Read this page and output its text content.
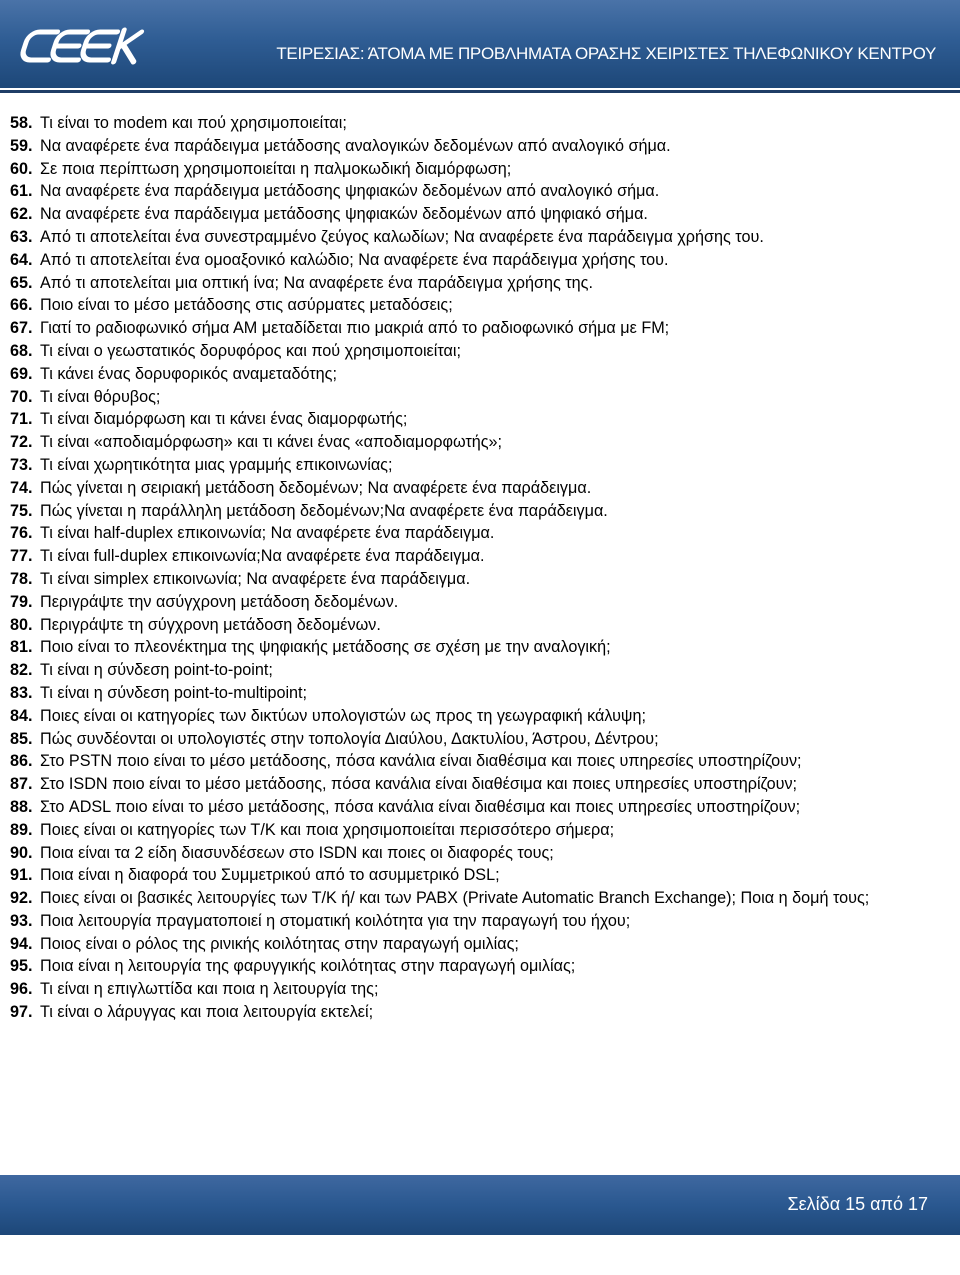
ΤΕΙΡΕΣΙΑΣ: ΆΤΟΜΑ ΜΕ ΠΡΟΒΛΗΜΑΤΑ ΟΡΑΣΗΣ ΧΕΙΡΙΣΤΕΣ ΤΗΛΕΦΩΝΙΚΟΥ ΚΕΝΤΡΟΥ
58. Τι είναι το modem και πού χρησιμοποιείται;
59. Να αναφέρετε ένα παράδειγμα μετάδοσης αναλογικών δεδομένων από αναλογικό σήμα.
60. Σε ποια περίπτωση χρησιμοποιείται η παλμοκωδική διαμόρφωση;
61. Να αναφέρετε ένα παράδειγμα μετάδοσης ψηφιακών δεδομένων από αναλογικό σήμα.
62. Να αναφέρετε ένα παράδειγμα μετάδοσης ψηφιακών δεδομένων από ψηφιακό σήμα.
63. Από τι αποτελείται ένα συνεστραμμένο ζεύγος καλωδίων; Να αναφέρετε ένα παράδειγμα χρήσης του.
64. Από τι αποτελείται ένα ομοαξονικό καλώδιο; Να αναφέρετε ένα παράδειγμα χρήσης του.
65. Από τι αποτελείται μια οπτική ίνα; Να αναφέρετε ένα παράδειγμα χρήσης της.
66. Ποιο είναι το μέσο μετάδοσης στις ασύρματες μεταδόσεις;
67. Γιατί το ραδιοφωνικό σήμα ΑΜ μεταδίδεται πιο μακριά από το ραδιοφωνικό σήμα με FM;
68. Τι είναι ο γεωστατικός δορυφόρος και πού χρησιμοποιείται;
69. Τι κάνει ένας δορυφορικός αναμεταδότης;
70. Τι είναι θόρυβος;
71. Τι είναι διαμόρφωση και τι κάνει ένας διαμορφωτής;
72. Τι είναι «αποδιαμόρφωση» και τι κάνει ένας «αποδιαμορφωτής»;
73. Τι είναι χωρητικότητα μιας γραμμής επικοινωνίας;
74. Πώς γίνεται η σειριακή μετάδοση δεδομένων; Να αναφέρετε ένα παράδειγμα.
75. Πώς γίνεται η παράλληλη μετάδοση δεδομένων;Να αναφέρετε ένα παράδειγμα.
76. Τι είναι half-duplex επικοινωνία; Να αναφέρετε ένα παράδειγμα.
77. Τι είναι full-duplex επικοινωνία;Να αναφέρετε ένα παράδειγμα.
78. Τι είναι simplex επικοινωνία; Να αναφέρετε ένα παράδειγμα.
79. Περιγράψτε την ασύγχρονη μετάδοση δεδομένων.
80. Περιγράψτε τη σύγχρονη μετάδοση δεδομένων.
81. Ποιο είναι το πλεονέκτημα της ψηφιακής μετάδοσης σε σχέση με την αναλογική;
82. Τι είναι η σύνδεση point-to-point;
83. Τι είναι η σύνδεση point-to-multipoint;
84. Ποιες είναι οι κατηγορίες των δικτύων υπολογιστών ως προς τη γεωγραφική κάλυψη;
85. Πώς συνδέονται οι υπολογιστές στην τοπολογία Διαύλου, Δακτυλίου, Άστρου, Δέντρου;
86. Στο PSTN ποιο είναι το μέσο μετάδοσης, πόσα κανάλια είναι διαθέσιμα και ποιες υπηρεσίες υποστηρίζουν;
87. Στο ISDN ποιο είναι το μέσο μετάδοσης, πόσα κανάλια είναι διαθέσιμα και ποιες υπηρεσίες υποστηρίζουν;
88. Στο ADSL ποιο είναι το μέσο μετάδοσης, πόσα κανάλια είναι διαθέσιμα και ποιες υπηρεσίες υποστηρίζουν;
89. Ποιες είναι οι κατηγορίες των Τ/Κ και ποια χρησιμοποιείται περισσότερο σήμερα;
90. Ποια είναι τα 2 είδη διασυνδέσεων στο ISDN και ποιες οι διαφορές τους;
91. Ποια είναι η διαφορά του Συμμετρικού από το ασυμμετρικό DSL;
92. Ποιες είναι οι βασικές λειτουργίες των Τ/Κ ή/ και των PABX (Private Automatic Branch Exchange); Ποια η δομή τους;
93. Ποια λειτουργία πραγματοποιεί η στοματική κοιλότητα για την παραγωγή του ήχου;
94. Ποιος είναι ο ρόλος της ρινικής κοιλότητας στην παραγωγή ομιλίας;
95. Ποια είναι η λειτουργία της φαρυγγικής κοιλότητας στην παραγωγή ομιλίας;
96. Τι είναι η επιγλωττίδα και ποια η λειτουργία της;
97. Τι είναι ο λάρυγγας και ποια λειτουργία εκτελεί;
Σελίδα 15 από 17
